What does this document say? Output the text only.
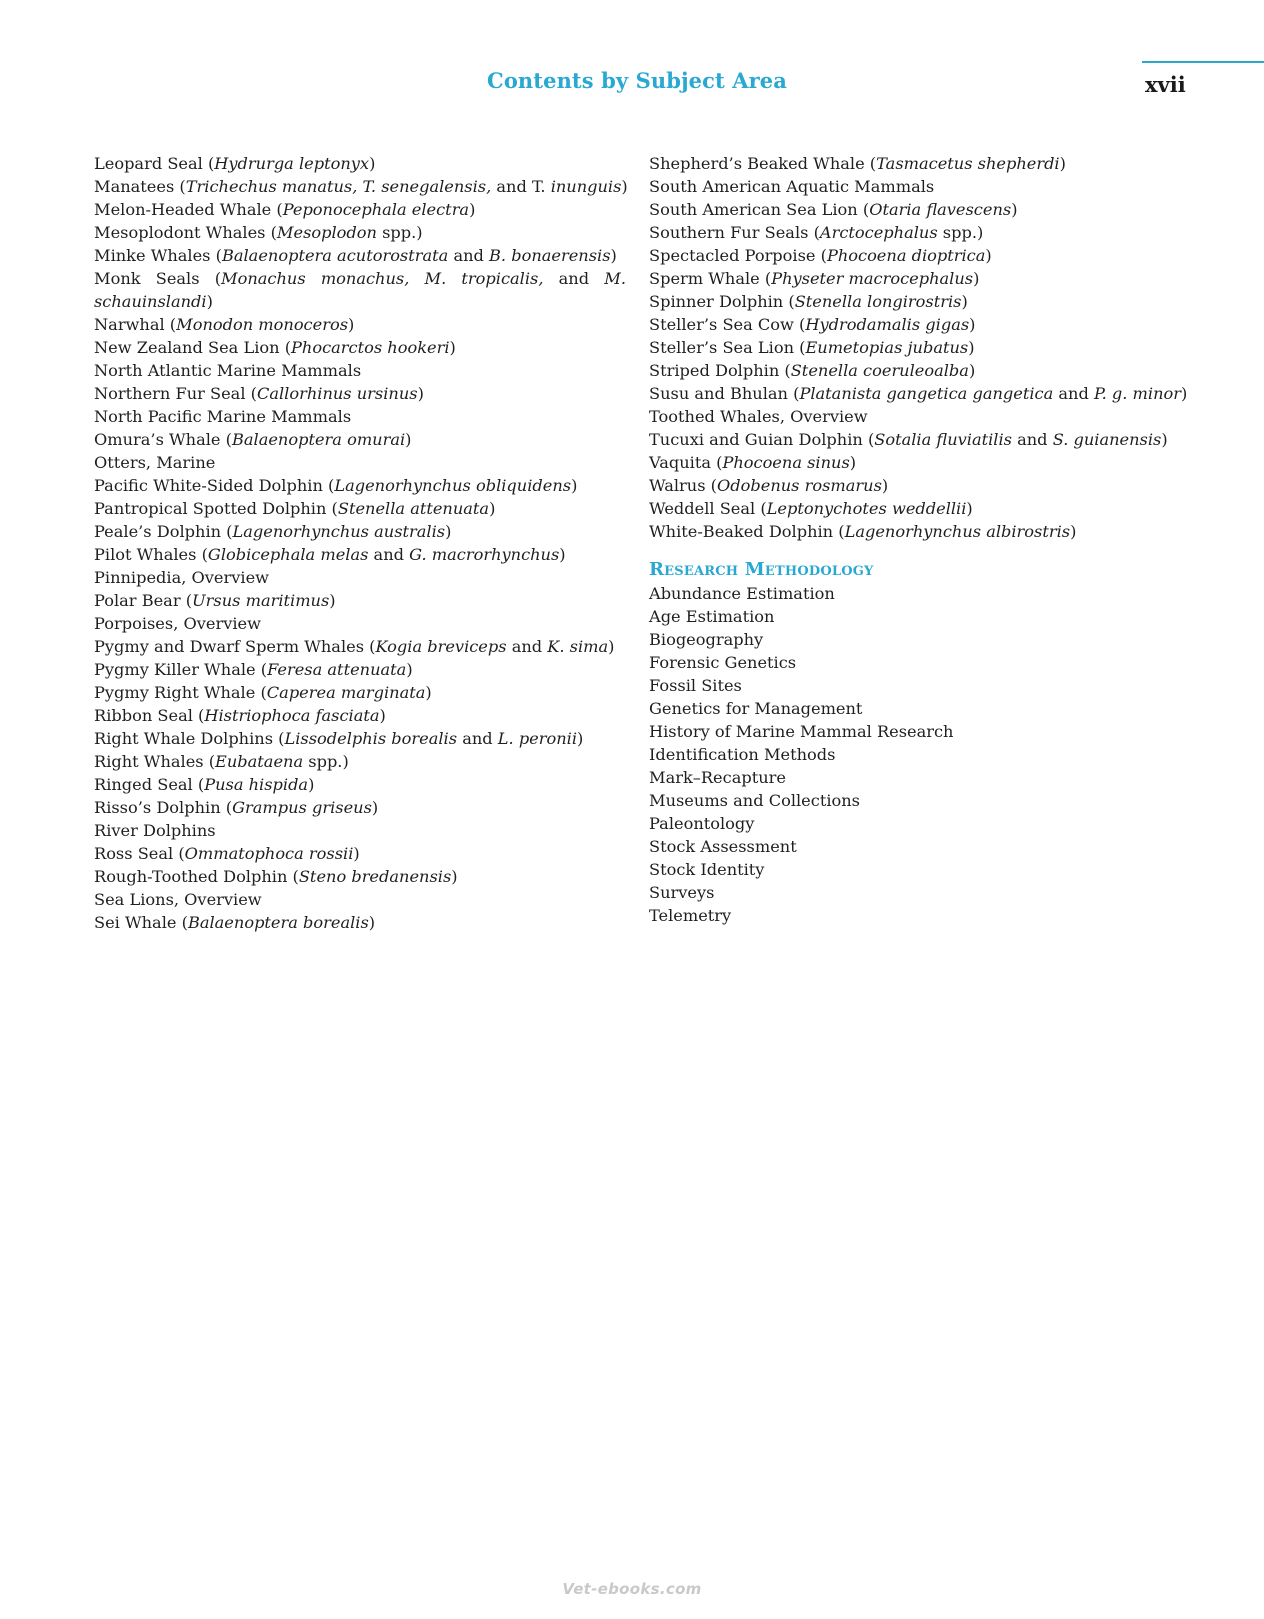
Contents by Subject Area	xvii
Leopard Seal (Hydrurga leptonyx)
Manatees (Trichechus manatus, T. senegalensis, and T. inunguis)
Melon-Headed Whale (Peponocephala electra)
Mesoplodont Whales (Mesoplodon spp.)
Minke Whales (Balaenoptera acutorostrata and B. bonaerensis)
Monk Seals (Monachus monachus, M. tropicalis, and M. schauinslandi)
Narwhal (Monodon monoceros)
New Zealand Sea Lion (Phocarctos hookeri)
North Atlantic Marine Mammals
Northern Fur Seal (Callorhinus ursinus)
North Pacific Marine Mammals
Omura’s Whale (Balaenoptera omurai)
Otters, Marine
Pacific White-Sided Dolphin (Lagenorhynchus obliquidens)
Pantropical Spotted Dolphin (Stenella attenuata)
Peale’s Dolphin (Lagenorhynchus australis)
Pilot Whales (Globicephala melas and G. macrorhynchus)
Pinnipedia, Overview
Polar Bear (Ursus maritimus)
Porpoises, Overview
Pygmy and Dwarf Sperm Whales (Kogia breviceps and K. sima)
Pygmy Killer Whale (Feresa attenuata)
Pygmy Right Whale (Caperea marginata)
Ribbon Seal (Histriophoca fasciata)
Right Whale Dolphins (Lissodelphis borealis and L. peronii)
Right Whales (Eubataena spp.)
Ringed Seal (Pusa hispida)
Risso’s Dolphin (Grampus griseus)
River Dolphins
Ross Seal (Ommatophoca rossii)
Rough-Toothed Dolphin (Steno bredanensis)
Sea Lions, Overview
Sei Whale (Balaenoptera borealis)
Shepherd’s Beaked Whale (Tasmacetus shepherdi)
South American Aquatic Mammals
South American Sea Lion (Otaria flavescens)
Southern Fur Seals (Arctocephalus spp.)
Spectacled Porpoise (Phocoena dioptrica)
Sperm Whale (Physeter macrocephalus)
Spinner Dolphin (Stenella longirostris)
Steller’s Sea Cow (Hydrodamalis gigas)
Steller’s Sea Lion (Eumetopias jubatus)
Striped Dolphin (Stenella coeruleoalba)
Susu and Bhulan (Platanista gangetica gangetica and P. g. minor)
Toothed Whales, Overview
Tucuxi and Guian Dolphin (Sotalia fluviatilis and S. guianensis)
Vaquita (Phocoena sinus)
Walrus (Odobenus rosmarus)
Weddell Seal (Leptonychotes weddellii)
White-Beaked Dolphin (Lagenorhynchus albirostris)
Research Methodology
Abundance Estimation
Age Estimation
Biogeography
Forensic Genetics
Fossil Sites
Genetics for Management
History of Marine Mammal Research
Identification Methods
Mark–Recapture
Museums and Collections
Paleontology
Stock Assessment
Stock Identity
Surveys
Telemetry
Vet-ebooks.com
